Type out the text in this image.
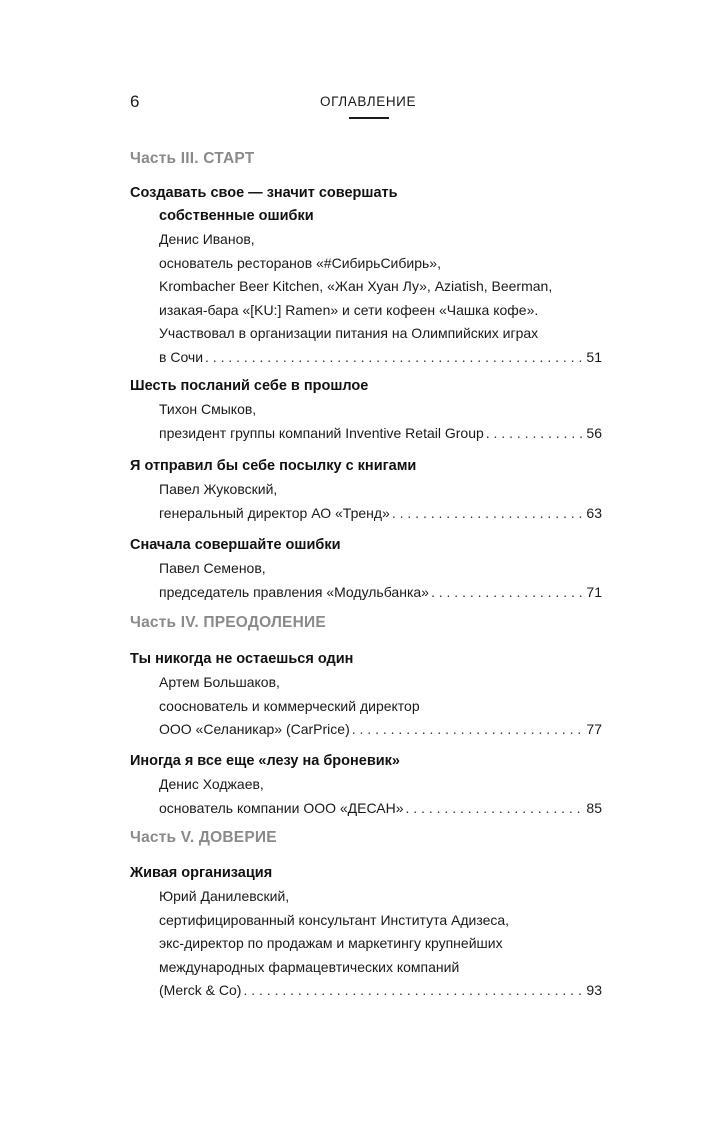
6	ОГЛАВЛЕНИЕ
Часть III. СТАРТ
Создавать свое — значит совершать
собственные ошибки
Денис Иванов,
основатель ресторанов «#СибирьСибирь»,
Krombacher Beer Kitchen, «Жан Хуан Лу», Aziatish, Beerman,
изакая-бара «[KU:] Ramen» и сети кофеен «Чашка кофе».
Участвовал в организации питания на Олимпийских играх
в Сочи . . .	51
Шесть посланий себе в прошлое
Тихон Смыков,
президент группы компаний Inventive Retail Group . . .	56
Я отправил бы себе посылку с книгами
Павел Жуковский,
генеральный директор АО «Тренд» . . .	63
Сначала совершайте ошибки
Павел Семенов,
председатель правления «Модульбанка» . . .	71
Часть IV. ПРЕОДОЛЕНИЕ
Ты никогда не остаешься один
Артем Большаков,
сооснователь и коммерческий директор
ООО «Селаникар» (CarPrice) . . .	77
Иногда я все еще «лезу на броневик»
Денис Ходжаев,
основатель компании ООО «ДЕСАН» . . .	85
Часть V. ДОВЕРИЕ
Живая организация
Юрий Данилевский,
сертифицированный консультант Института Адизеса,
экс-директор по продажам и маркетингу крупнейших
международных фармацевтических компаний
(Merck & Co) . . .	93
